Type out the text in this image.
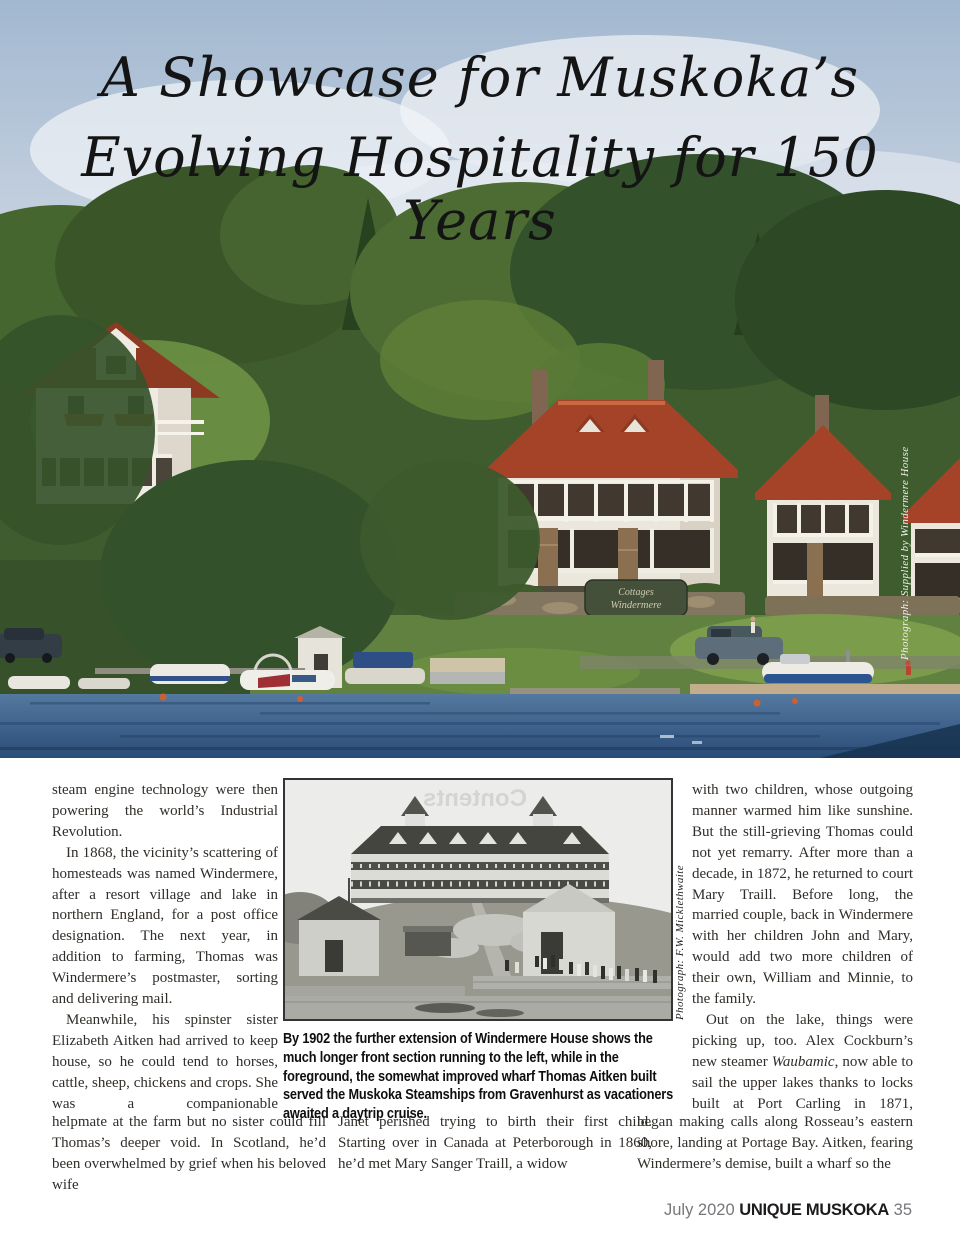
Cottages
Windermere
A Showcase for Muskoka’s
Evolving Hospitality for 150 Years
Photograph: Supplied by Windermere House

steam engine technology were then powering the world’s Industrial Revolution.

In 1868, the vicinity’s scattering of homesteads was named Windermere, after a resort village and lake in northern England, for a post office designation. The next year, in addition to farming, Thomas was Windermere’s postmaster, sorting and delivering mail.

Meanwhile, his spinster sister Elizabeth Aitken had arrived to keep house, so he could tend to horses, cattle, sheep, chickens and crops. She was a companionable

helpmate at the farm but no sister could fill Thomas’s deeper void. In Scotland, he’d been overwhelmed by grief when his beloved wife

Contents
Photograph: F.W. Micklethwaite
By 1902 the further extension of Windermere House shows the much longer front section running to the left, while in the foreground, the somewhat improved wharf Thomas Aitken built served the Muskoka Steamships from Gravenhurst as vacationers awaited a daytrip cruise.

Janet perished trying to birth their first child. Starting over in Canada at Peterborough in 1860, he’d met Mary Sanger Traill, a widow

with two children, whose outgoing manner warmed him like sunshine. But the still-grieving Thomas could not yet remarry. After more than a decade, in 1872, he returned to court Mary Traill. Before long, the married couple, back in Windermere with her children John and Mary, would add two more children of their own, William and Minnie, to the family.

Out on the lake, things were picking up, too. Alex Cockburn’s new steamer Waubamic, now able to sail the upper lakes thanks to locks built at Port Carling in 1871,

began making calls along Rosseau’s eastern shore, landing at Portage Bay. Aitken, fearing Windermere’s demise, built a wharf so the

July 2020 UNIQUE MUSKOKA 35
